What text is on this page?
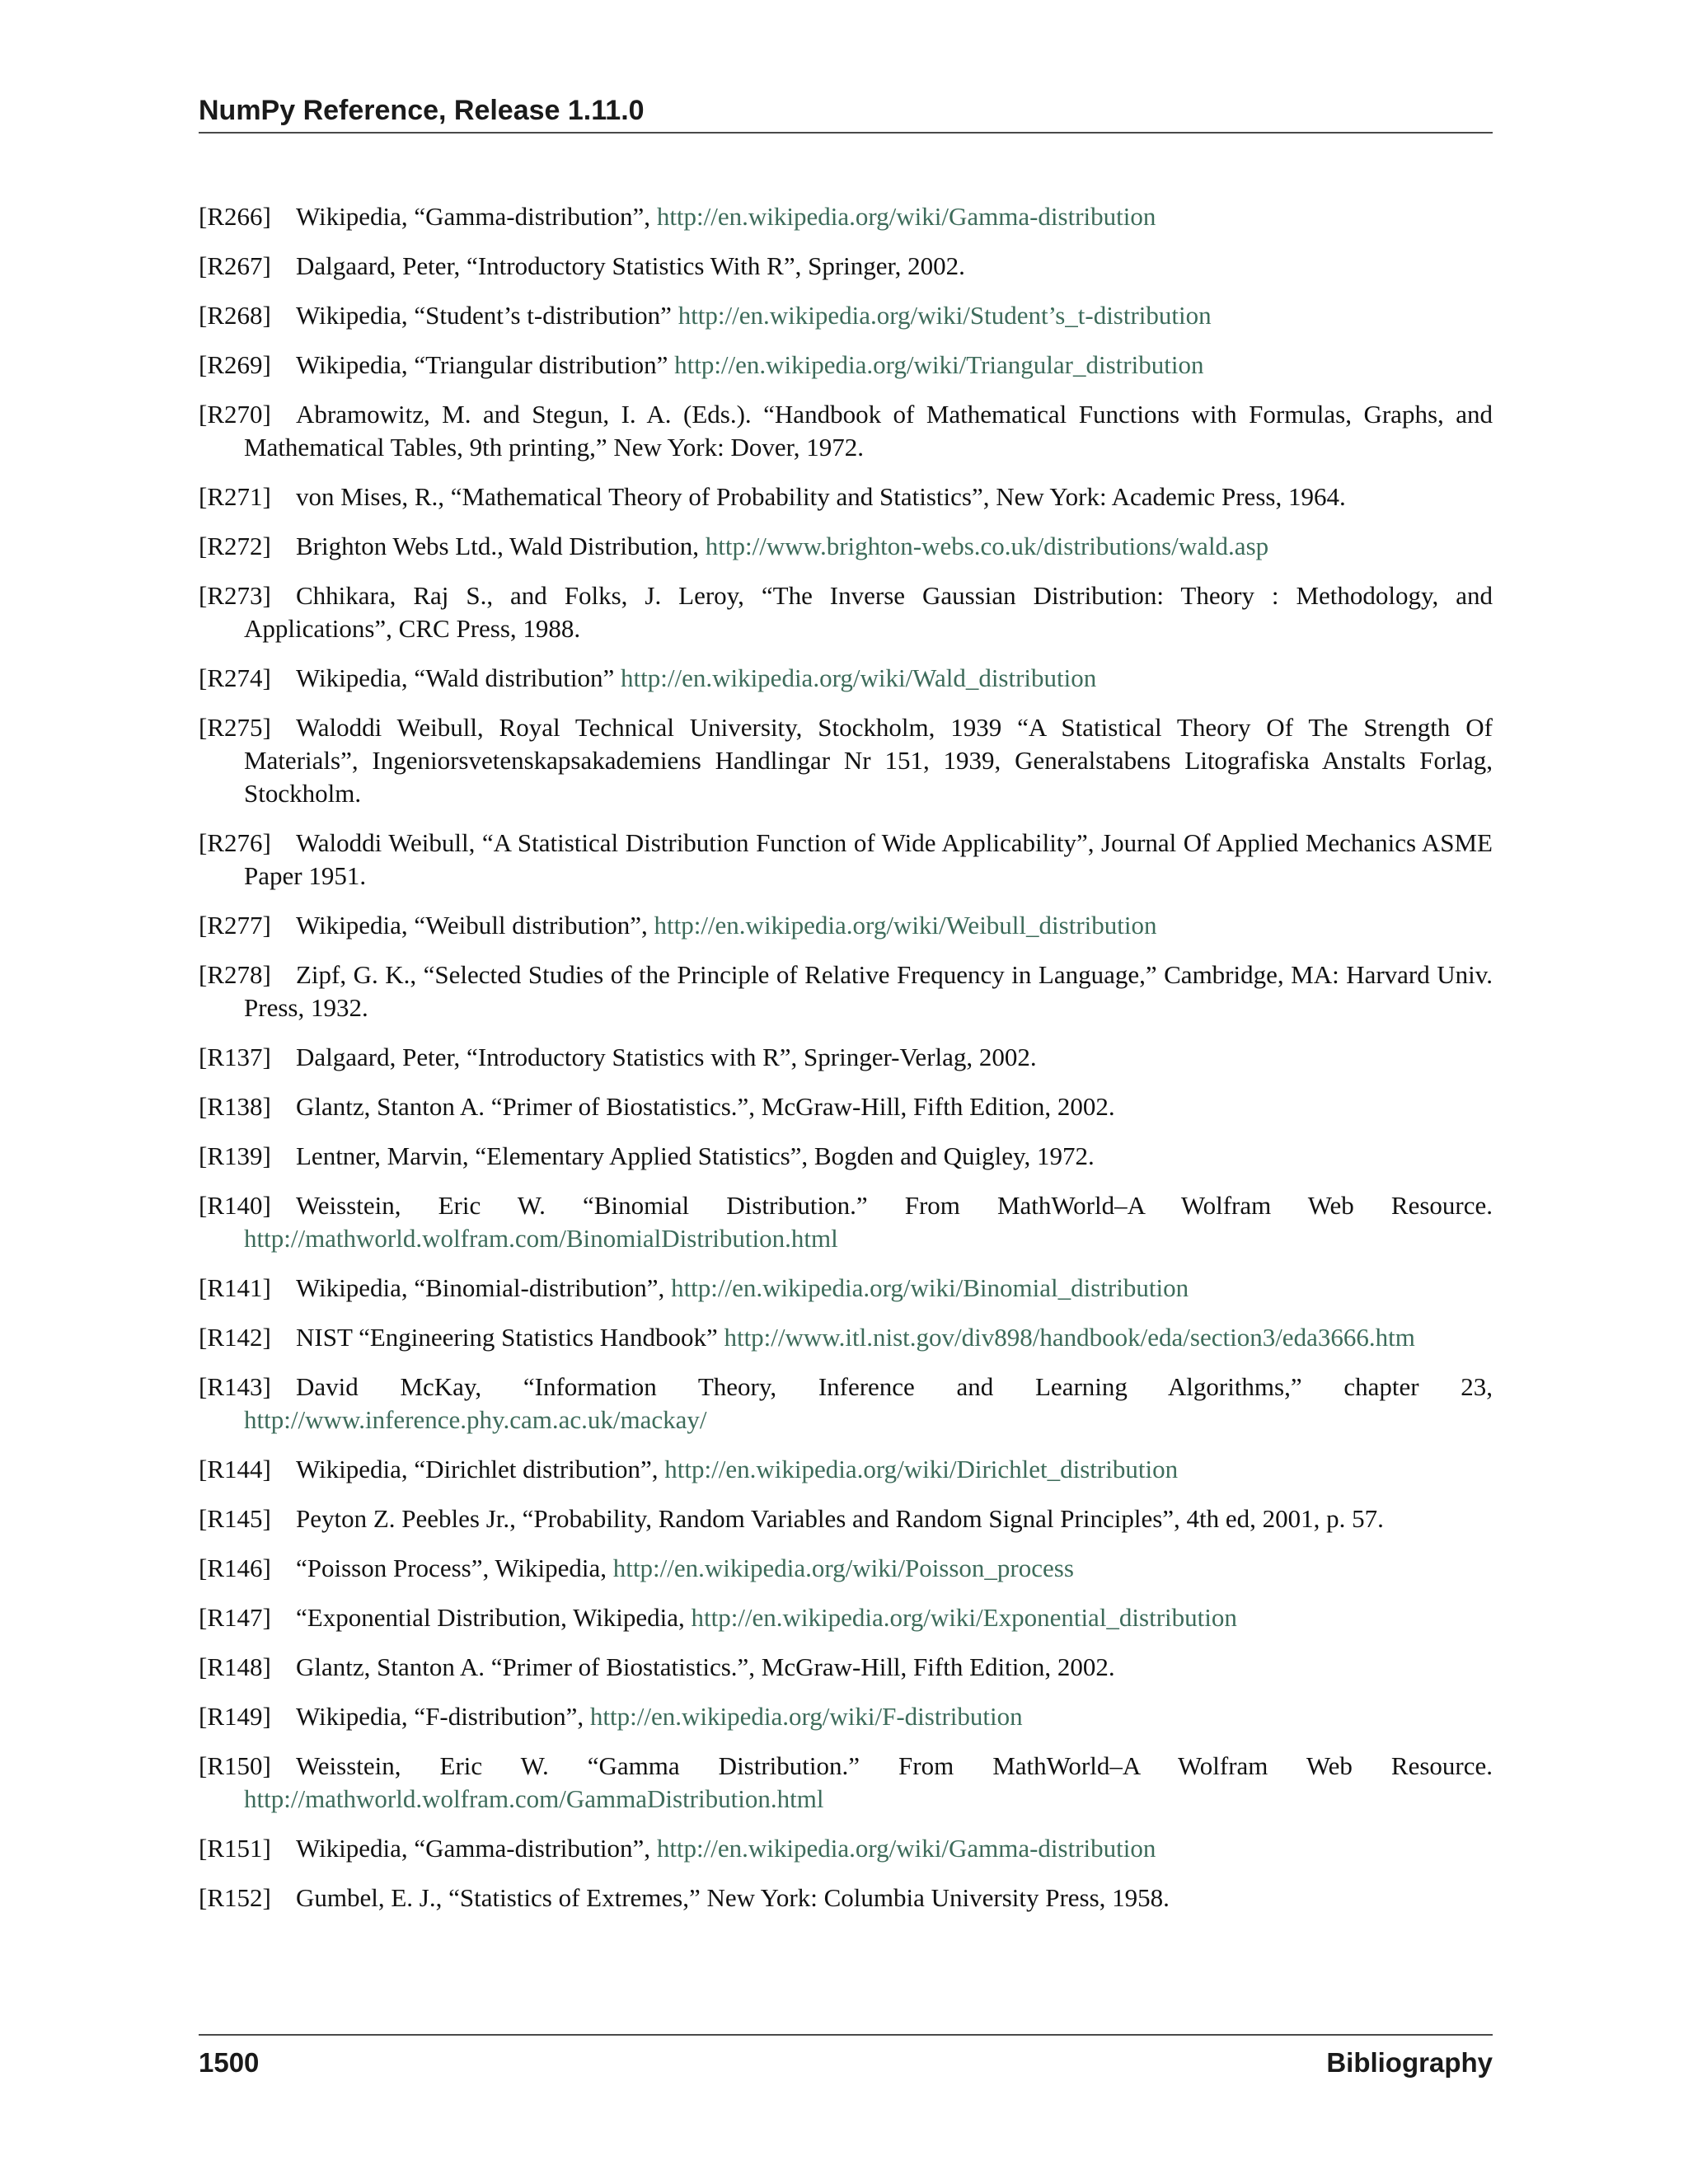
NumPy Reference, Release 1.11.0

[R266] Wikipedia, “Gamma-distribution”, http://en.wikipedia.org/wiki/Gamma-distribution

[R267] Dalgaard, Peter, “Introductory Statistics With R”, Springer, 2002.

[R268] Wikipedia, “Student’s t-distribution” http://en.wikipedia.org/wiki/Student’s_t-distribution

[R269] Wikipedia, “Triangular distribution” http://en.wikipedia.org/wiki/Triangular_distribution

[R270] Abramowitz, M. and Stegun, I. A. (Eds.). “Handbook of Mathematical Functions with Formulas, Graphs, and Mathematical Tables, 9th printing,” New York: Dover, 1972.

[R271] von Mises, R., “Mathematical Theory of Probability and Statistics”, New York: Academic Press, 1964.

[R272] Brighton Webs Ltd., Wald Distribution, http://www.brighton-webs.co.uk/distributions/wald.asp

[R273] Chhikara, Raj S., and Folks, J. Leroy, “The Inverse Gaussian Distribution: Theory : Methodology, and Applications”, CRC Press, 1988.

[R274] Wikipedia, “Wald distribution” http://en.wikipedia.org/wiki/Wald_distribution

[R275] Waloddi Weibull, Royal Technical University, Stockholm, 1939 “A Statistical Theory Of The Strength Of Materials”, Ingeniorsvetenskapsakademiens Handlingar Nr 151, 1939, Generalstabens Litografiska Anstalts Forlag, Stockholm.

[R276] Waloddi Weibull, “A Statistical Distribution Function of Wide Applicability”, Journal Of Applied Mechanics ASME Paper 1951.

[R277] Wikipedia, “Weibull distribution”, http://en.wikipedia.org/wiki/Weibull_distribution

[R278] Zipf, G. K., “Selected Studies of the Principle of Relative Frequency in Language,” Cambridge, MA: Harvard Univ. Press, 1932.

[R137] Dalgaard, Peter, “Introductory Statistics with R”, Springer-Verlag, 2002.

[R138] Glantz, Stanton A. “Primer of Biostatistics.”, McGraw-Hill, Fifth Edition, 2002.

[R139] Lentner, Marvin, “Elementary Applied Statistics”, Bogden and Quigley, 1972.

[R140] Weisstein, Eric W. “Binomial Distribution.” From MathWorld–A Wolfram Web Resource. http://mathworld.wolfram.com/BinomialDistribution.html

[R141] Wikipedia, “Binomial-distribution”, http://en.wikipedia.org/wiki/Binomial_distribution

[R142] NIST “Engineering Statistics Handbook” http://www.itl.nist.gov/div898/handbook/eda/section3/eda3666.htm

[R143] David McKay, “Information Theory, Inference and Learning Algorithms,” chapter 23, http://www.inference.phy.cam.ac.uk/mackay/

[R144] Wikipedia, “Dirichlet distribution”, http://en.wikipedia.org/wiki/Dirichlet_distribution

[R145] Peyton Z. Peebles Jr., “Probability, Random Variables and Random Signal Principles”, 4th ed, 2001, p. 57.

[R146] “Poisson Process”, Wikipedia, http://en.wikipedia.org/wiki/Poisson_process

[R147] “Exponential Distribution, Wikipedia, http://en.wikipedia.org/wiki/Exponential_distribution

[R148] Glantz, Stanton A. “Primer of Biostatistics.”, McGraw-Hill, Fifth Edition, 2002.

[R149] Wikipedia, “F-distribution”, http://en.wikipedia.org/wiki/F-distribution

[R150] Weisstein, Eric W. “Gamma Distribution.” From MathWorld–A Wolfram Web Resource. http://mathworld.wolfram.com/GammaDistribution.html

[R151] Wikipedia, “Gamma-distribution”, http://en.wikipedia.org/wiki/Gamma-distribution

[R152] Gumbel, E. J., “Statistics of Extremes,” New York: Columbia University Press, 1958.

1500	Bibliography
